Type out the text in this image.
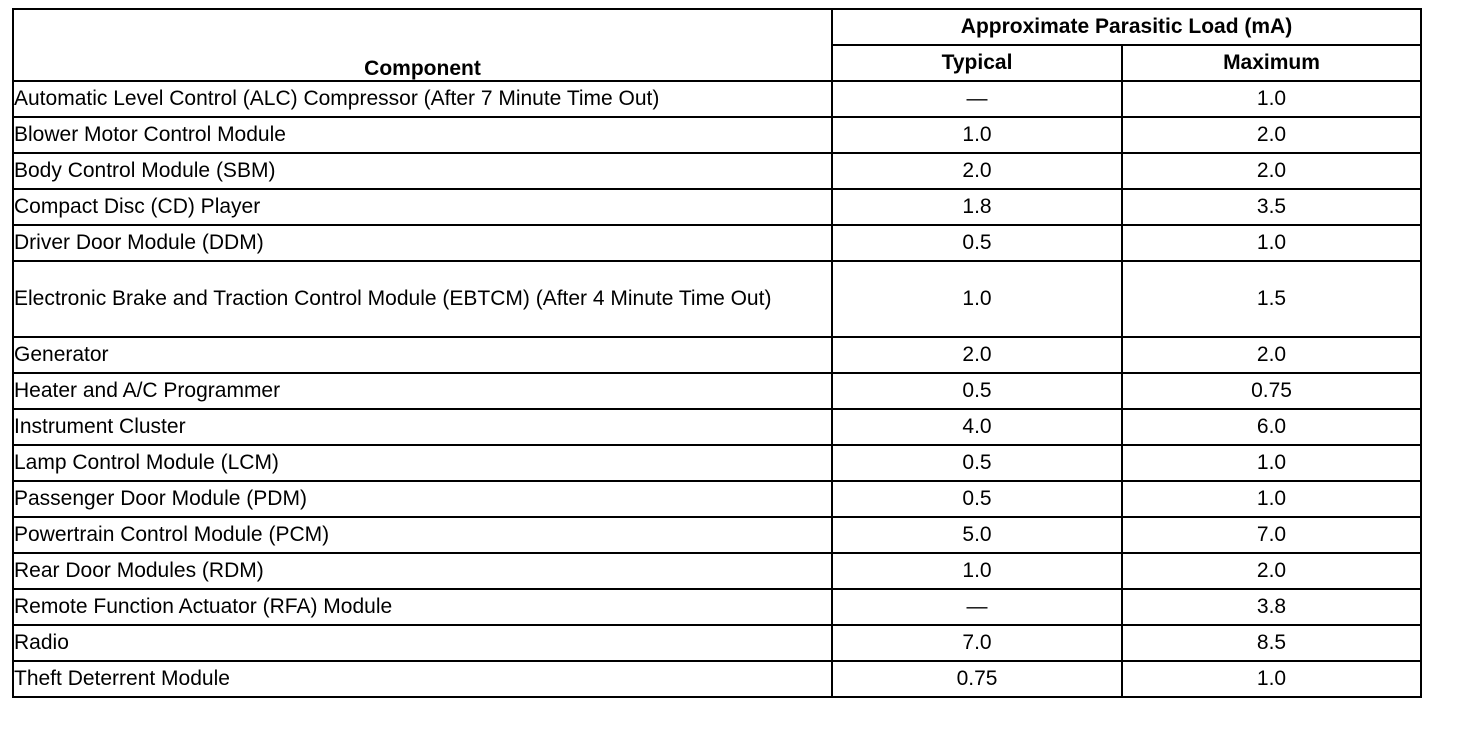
Component	Approximate Parasitic Load (mA)	
	Typical	Maximum
Automatic Level Control (ALC) Compressor (After 7 Minute Time Out)	—	1.0
Blower Motor Control Module	1.0	2.0
Body Control Module (SBM)	2.0	2.0
Compact Disc (CD) Player	1.8	3.5
Driver Door Module (DDM)	0.5	1.0
Electronic Brake and Traction Control Module (EBTCM) (After 4 Minute Time Out)	1.0	1.5
Generator	2.0	2.0
Heater and A/C Programmer	0.5	0.75
Instrument Cluster	4.0	6.0
Lamp Control Module (LCM)	0.5	1.0
Passenger Door Module (PDM)	0.5	1.0
Powertrain Control Module (PCM)	5.0	7.0
Rear Door Modules (RDM)	1.0	2.0
Remote Function Actuator (RFA) Module	—	3.8
Radio	7.0	8.5
Theft Deterrent Module	0.75	1.0
